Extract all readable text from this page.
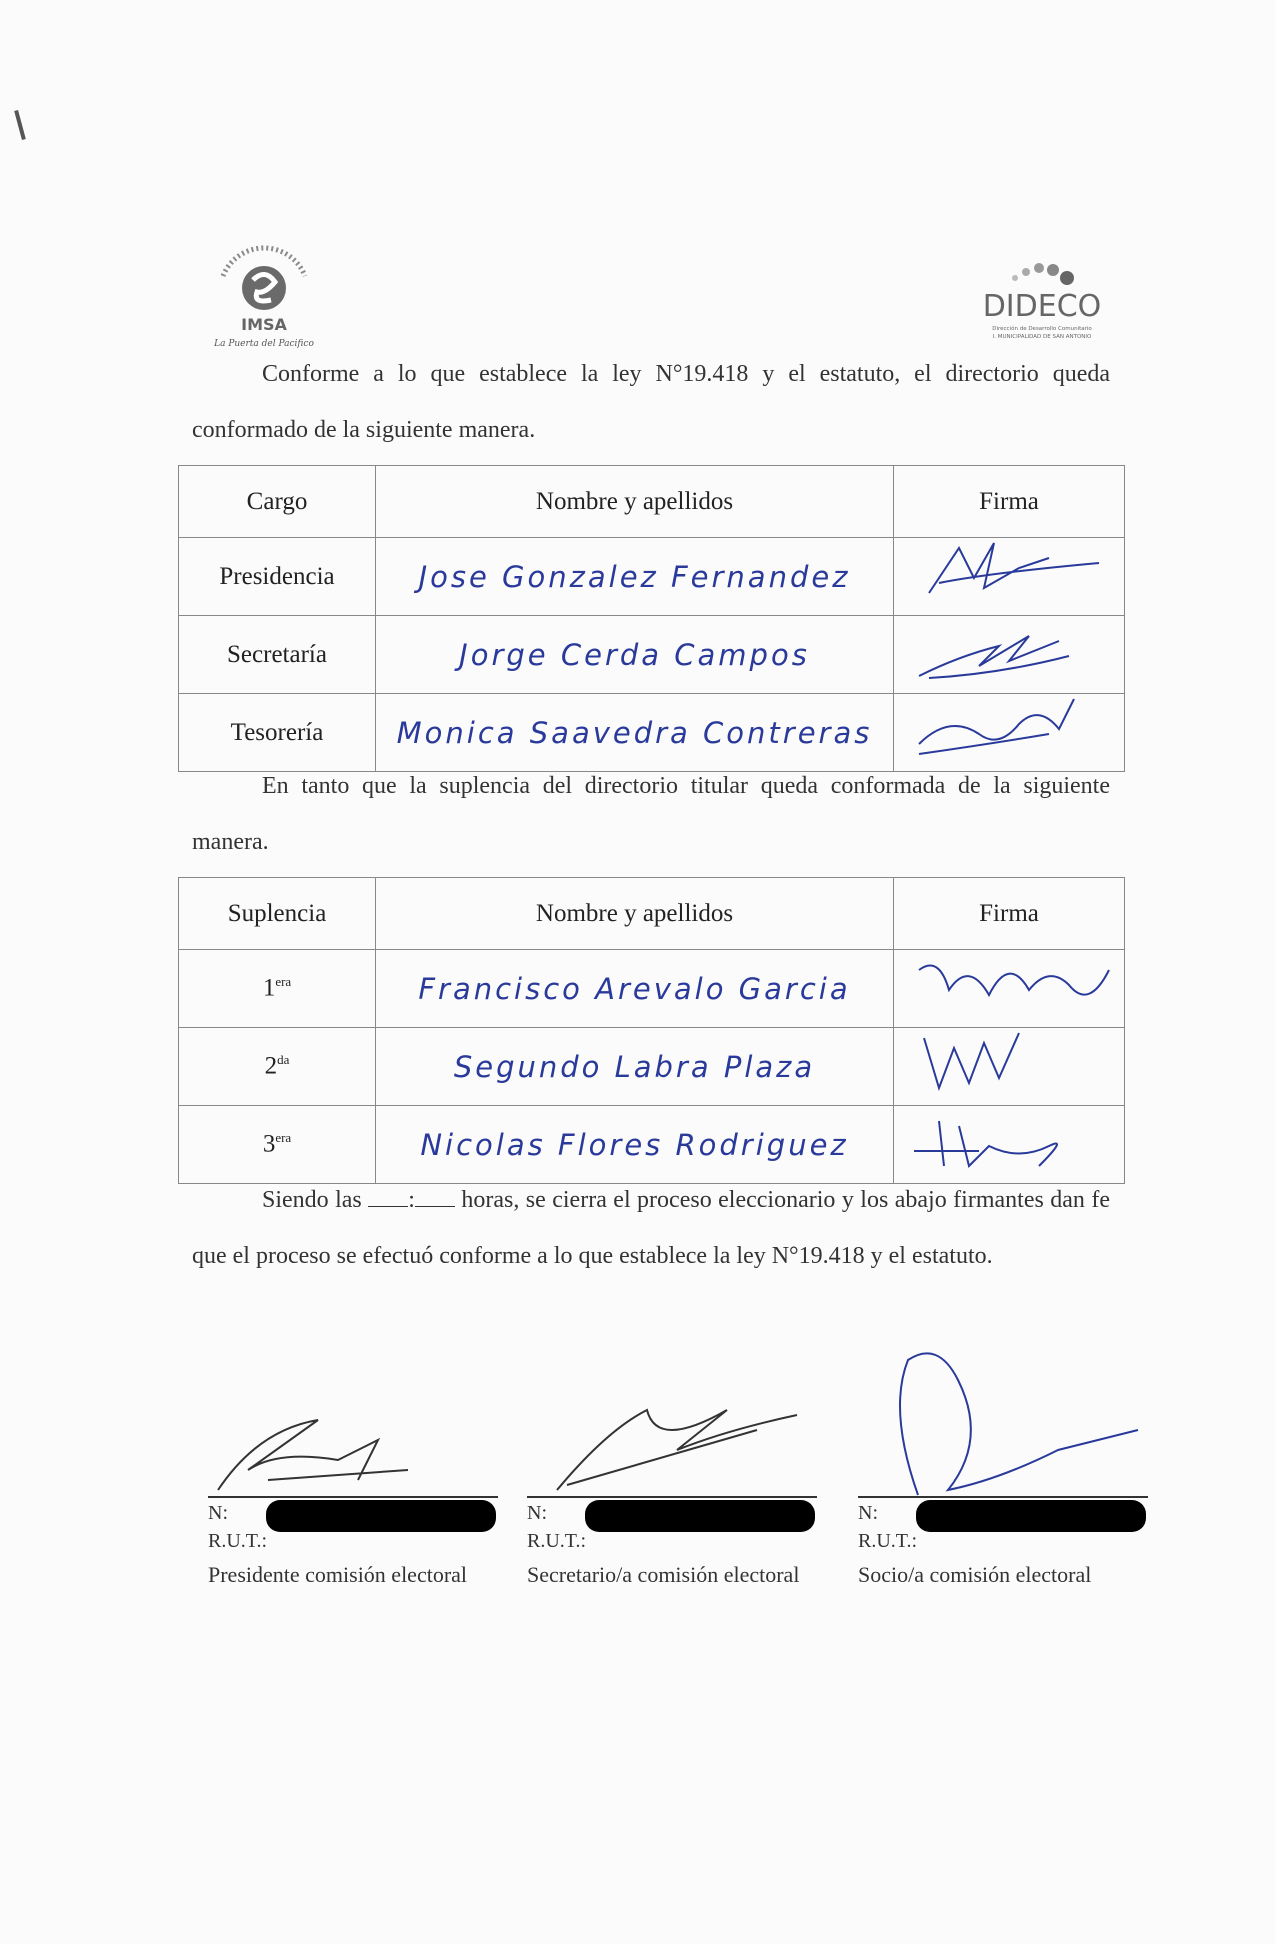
IMSA
La Puerta del Pacifico
DIDECO
Dirección de Desarrollo Comunitario
I. MUNICIPALIDAD DE SAN ANTONIO
Conforme a lo que establece la ley N°19.418 y el estatuto, el directorio queda conformado de la siguiente manera.
Cargo	Nombre y apellidos	Firma
Presidencia	Jose Gonzalez Fernandez	
Secretaría	Jorge Cerda Campos	
Tesorería	Monica Saavedra Contreras	
En tanto que la suplencia del directorio titular queda conformada de la siguiente manera.
Suplencia	Nombre y apellidos	Firma
$1^{era}$	Francisco Arevalo Garcia	
$2^{da}$	Segundo Labra Plaza	
$3^{era}$	Nicolas Flores Rodriguez	
Siendo las : horas, se cierra el proceso eleccionario y los abajo firmantes dan fe que el proceso se efectuó conforme a lo que establece la ley N°19.418 y el estatuto.
N:
R.U.T.:
Presidente comisión electoral
N:
R.U.T.:
Secretario/a comisión electoral
N:
R.U.T.:
Socio/a comisión electoral
